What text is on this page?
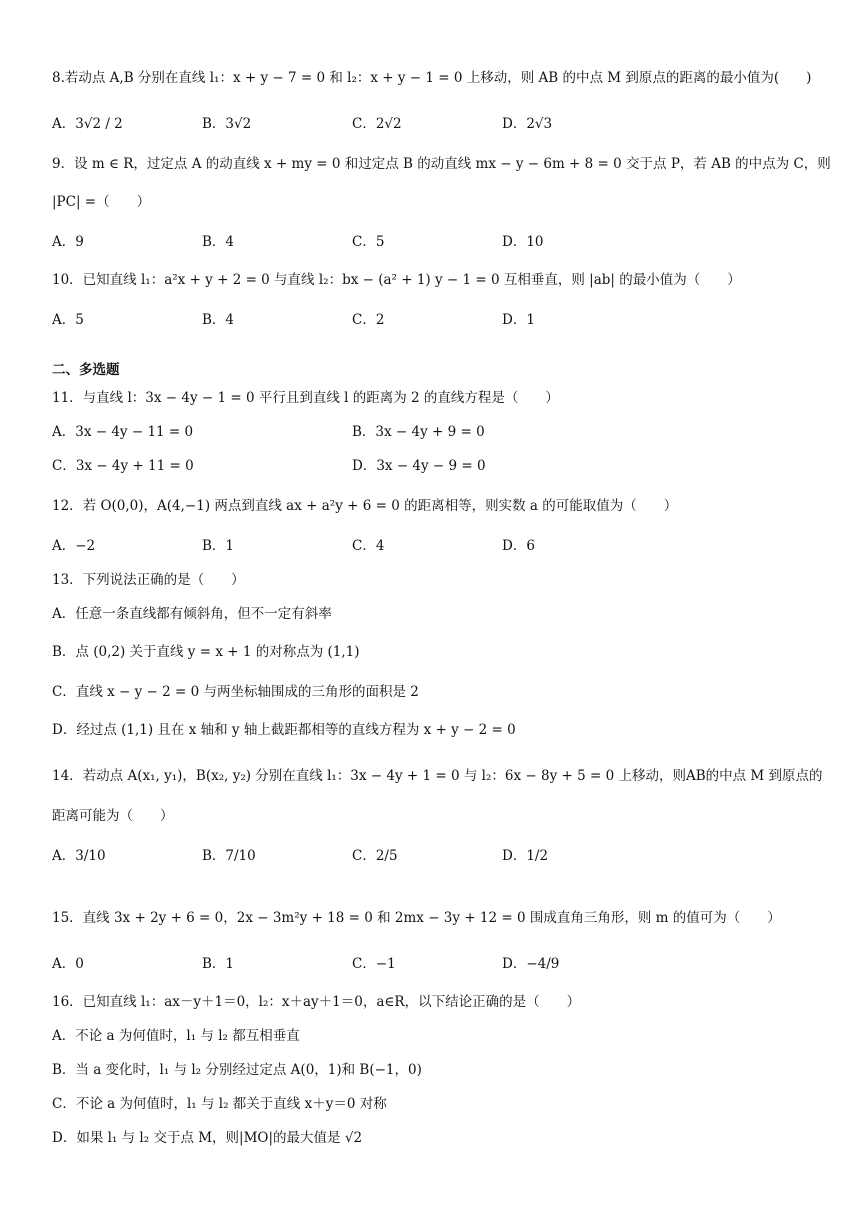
8.若动点 A,B 分别在直线 l₁：x + y − 7 = 0 和 l₂：x + y − 1 = 0 上移动，则 AB 的中点 M 到原点的距离的最小值为(　　)
A．3√2 / 2	B．3√2	C．2√2	D．2√3
9．设 m ∈ R，过定点 A 的动直线 x + my = 0 和过定点 B 的动直线 mx − y − 6m + 8 = 0 交于点 P，若 AB 的中点为 C，则
|PC| =（　　）
A．9	B．4	C．5	D．10
10．已知直线 l₁：a²x + y + 2 = 0 与直线 l₂：bx − (a² + 1) y − 1 = 0 互相垂直，则 |ab| 的最小值为（　　）
A．5	B．4	C．2	D．1
二、多选题
11．与直线 l：3x − 4y − 1 = 0 平行且到直线 l 的距离为 2 的直线方程是（　　）
A．3x − 4y − 11 = 0	B．3x − 4y + 9 = 0
C．3x − 4y + 11 = 0	D．3x − 4y − 9 = 0
12．若 O(0,0)，A(4,−1) 两点到直线 ax + a²y + 6 = 0 的距离相等，则实数 a 的可能取值为（　　）
A．−2	B．1	C．4	D．6
13．下列说法正确的是（　　）
A．任意一条直线都有倾斜角，但不一定有斜率
B．点 (0,2) 关于直线 y = x + 1 的对称点为 (1,1)
C．直线 x − y − 2 = 0 与两坐标轴围成的三角形的面积是 2
D．经过点 (1,1) 且在 x 轴和 y 轴上截距都相等的直线方程为 x + y − 2 = 0
14．若动点 A(x₁, y₁)，B(x₂, y₂) 分别在直线 l₁：3x − 4y + 1 = 0 与 l₂：6x − 8y + 5 = 0 上移动，则AB的中点 M 到原点的
距离可能为（　　）
A．3/10	B．7/10	C．2/5	D．1/2
15．直线 3x + 2y + 6 = 0，2x − 3m²y + 18 = 0 和 2mx − 3y + 12 = 0 围成直角三角形，则 m 的值可为（　　）
A．0	B．1	C．−1	D．−4/9
16．已知直线 l₁：ax－y＋1＝0，l₂：x＋ay＋1＝0，a∈R，以下结论正确的是（　　）
A．不论 a 为何值时，l₁ 与 l₂ 都互相垂直
B．当 a 变化时，l₁ 与 l₂ 分别经过定点 A(0，1)和 B(−1，0)
C．不论 a 为何值时，l₁ 与 l₂ 都关于直线 x＋y＝0 对称
D．如果 l₁ 与 l₂ 交于点 M，则|MO|的最大值是 √2
